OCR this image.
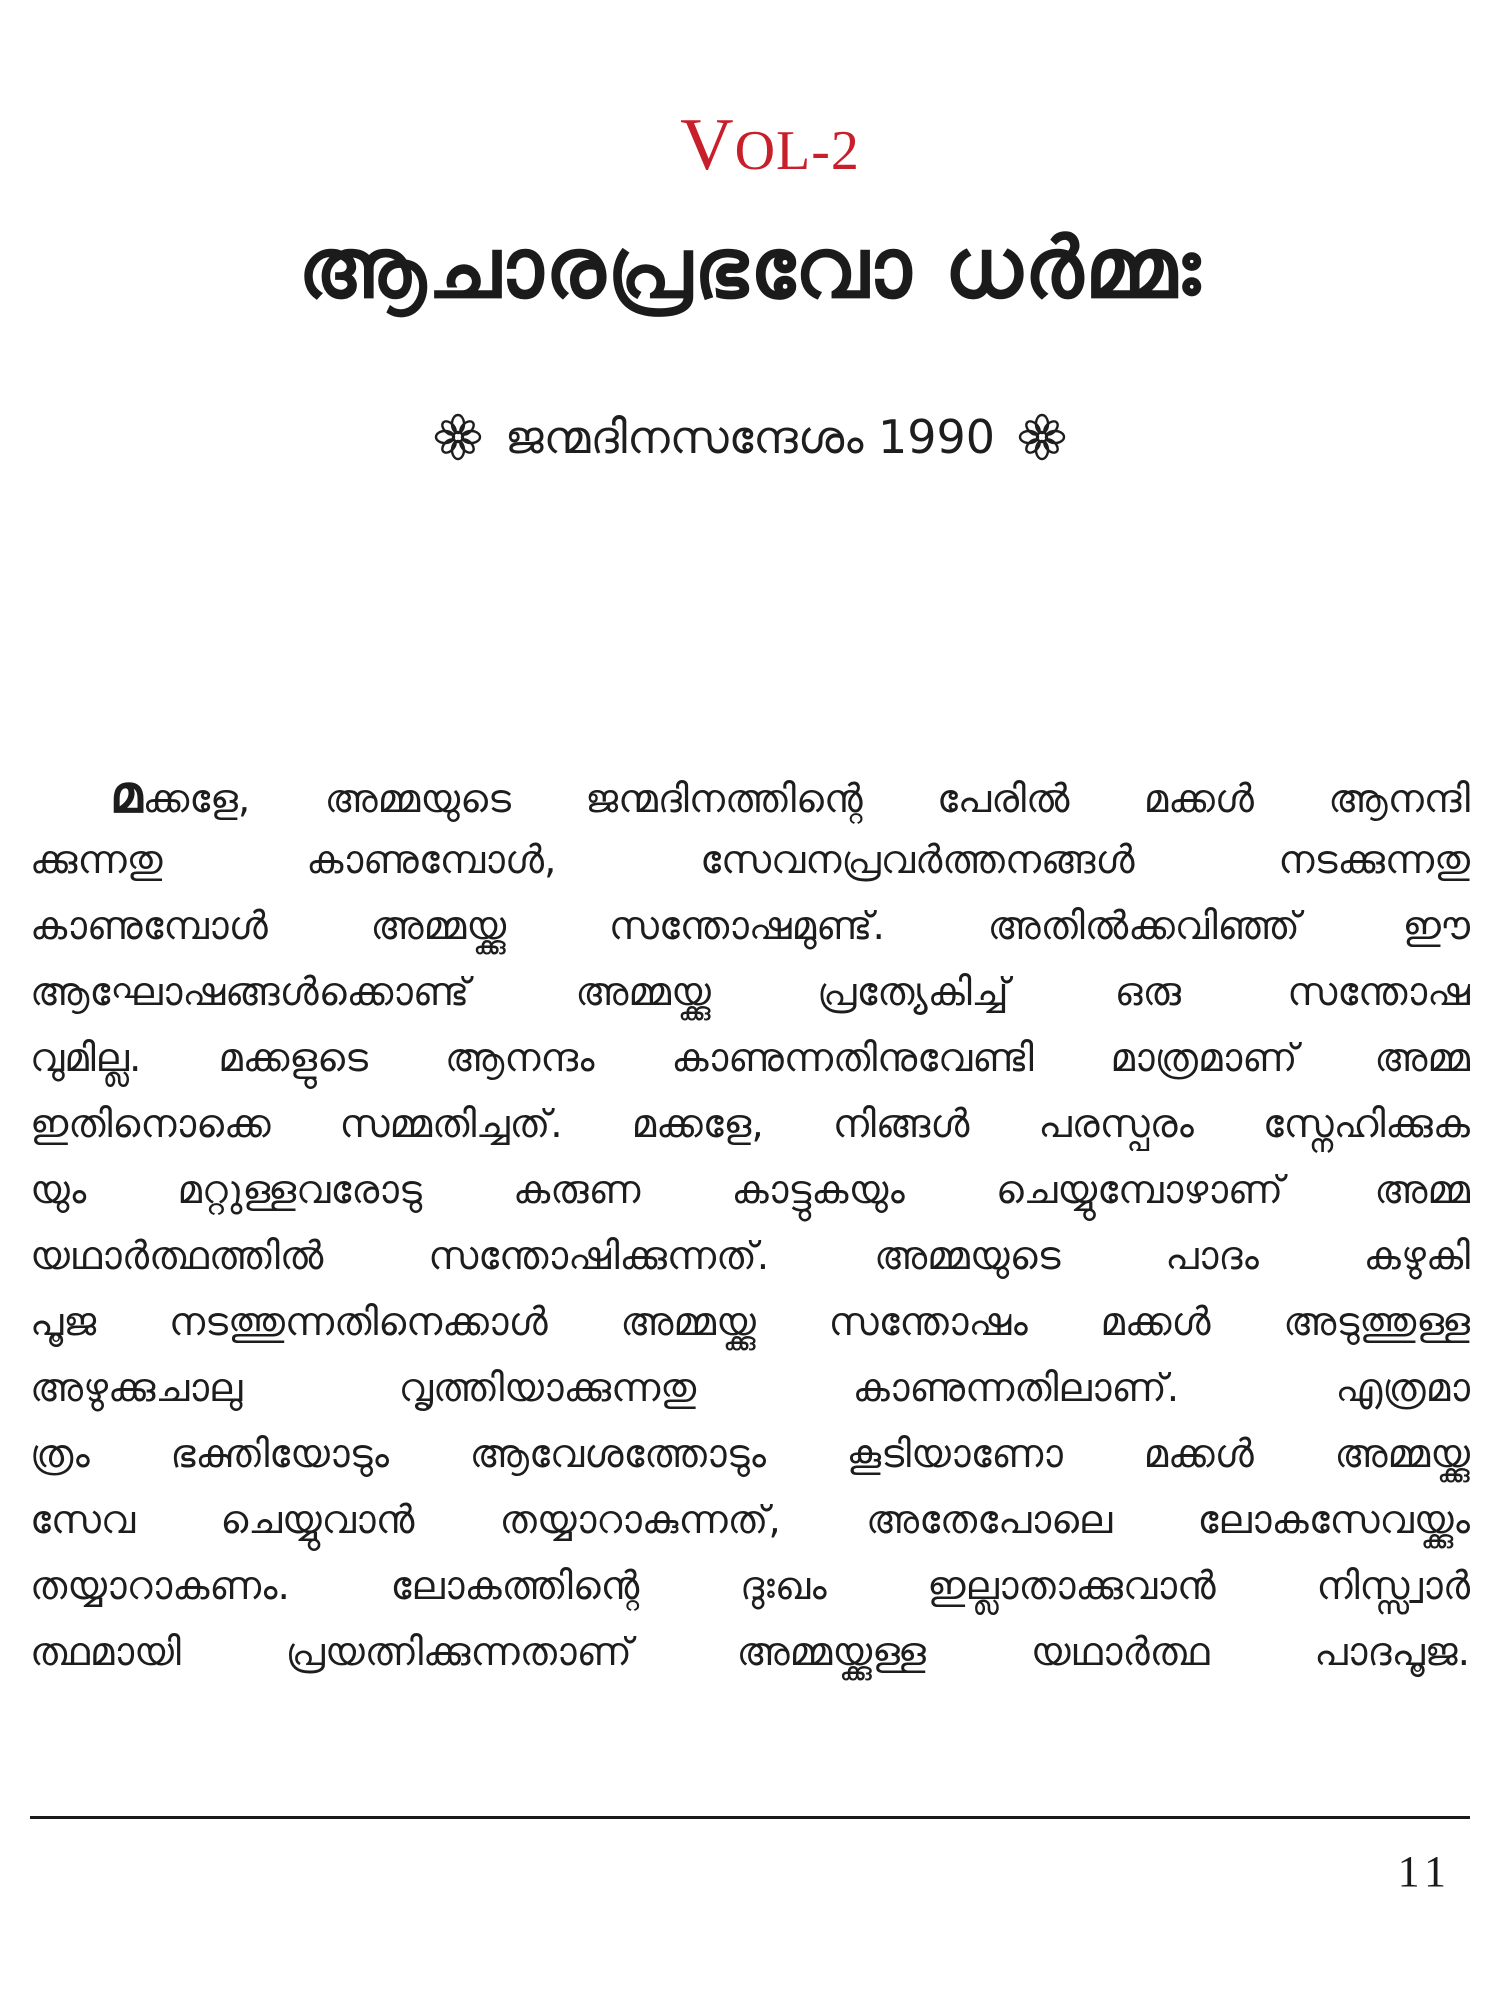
VOL-2
ആചാരപ്രഭവോ ധർമ്മഃ
ജന്മദിനസന്ദേശം 1990
മക്കളേ, അമ്മയുടെ ജന്മദിനത്തിന്റെ പേരിൽ മക്കൾ ആനന്ദി
ക്കുന്നതു കാണുമ്പോൾ, സേവനപ്രവർത്തനങ്ങൾ നടക്കുന്നതു
കാണുമ്പോൾ അമ്മയ്ക്കു സന്തോഷമുണ്ട്. അതിൽക്കവിഞ്ഞ് ഈ
ആഘോഷങ്ങൾക്കൊണ്ട് അമ്മയ്ക്കു പ്രത്യേകിച്ച് ഒരു സന്തോഷ
വുമില്ല. മക്കളുടെ ആനന്ദം കാണുന്നതിനുവേണ്ടി മാത്രമാണ് അമ്മ
ഇതിനൊക്കെ സമ്മതിച്ചത്. മക്കളേ, നിങ്ങൾ പരസ്പരം സ്നേഹിക്കുക
യും മറ്റുള്ളവരോടു കരുണ കാട്ടുകയും ചെയ്യുമ്പോഴാണ് അമ്മ
യഥാർത്ഥത്തിൽ സന്തോഷിക്കുന്നത്. അമ്മയുടെ പാദം കഴുകി
പൂജ നടത്തുന്നതിനെക്കാൾ അമ്മയ്ക്കു സന്തോഷം മക്കൾ അടുത്തുള്ള
അഴുക്കുചാലു വൃത്തിയാക്കുന്നതു കാണുന്നതിലാണ്. എത്രമാ
ത്രം ഭക്തിയോടും ആവേശത്തോടും കൂടിയാണോ മക്കൾ അമ്മയ്ക്കു
സേവ ചെയ്യുവാൻ തയ്യാറാകുന്നത്, അതേപോലെ ലോകസേവയ്ക്കും
തയ്യാറാകണം. ലോകത്തിന്റെ ദുഃഖം ഇല്ലാതാക്കുവാൻ നിസ്സ്വാർ
ത്ഥമായി പ്രയത്നിക്കുന്നതാണ് അമ്മയ്ക്കുള്ള യഥാർത്ഥ പാദപൂജ.
11
